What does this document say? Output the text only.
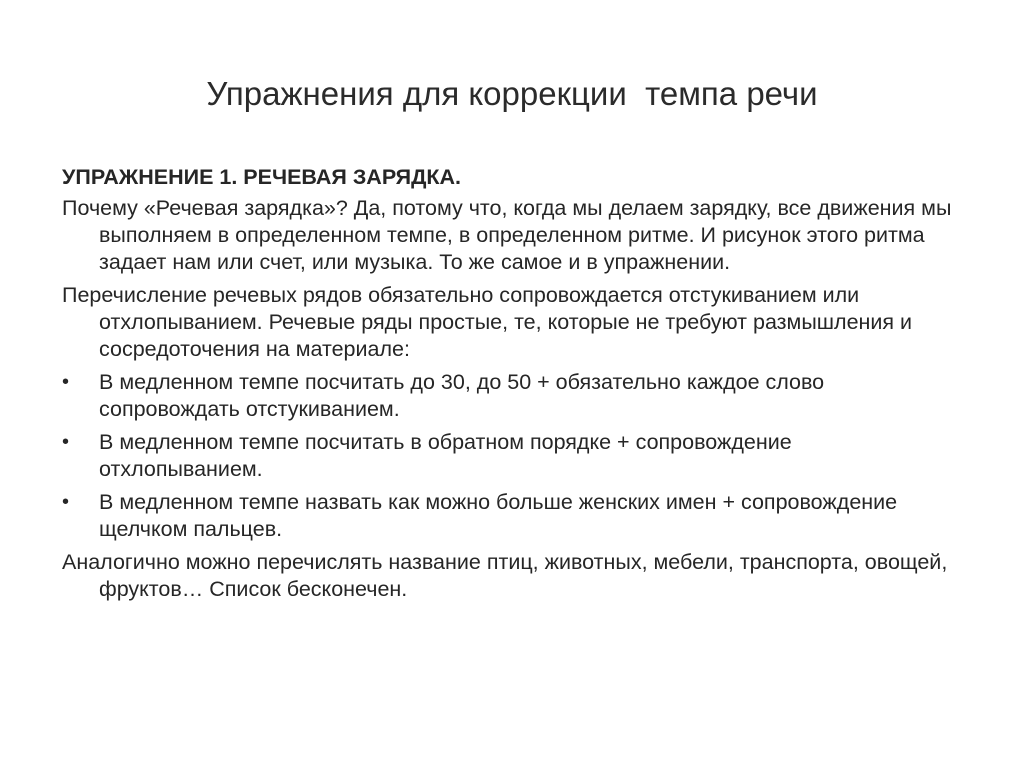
Упражнения для коррекции  темпа речи
УПРАЖНЕНИЕ 1. РЕЧЕВАЯ ЗАРЯДКА.
Почему «Речевая зарядка»? Да, потому что, когда мы делаем зарядку, все движения мы выполняем в определенном темпе, в определенном ритме. И рисунок этого ритма задает нам или счет, или музыка. То же самое и в упражнении.
Перечисление речевых рядов обязательно сопровождается отстукиванием или отхлопыванием. Речевые ряды простые, те, которые не требуют размышления и сосредоточения на материале:
•	В медленном темпе посчитать до 30, до 50 + обязательно каждое слово сопровождать отстукиванием.
•	В медленном темпе посчитать в обратном порядке + сопровождение  отхлопыванием.
•	В медленном темпе назвать как можно больше женских имен + сопровождение щелчком пальцев.
Аналогично можно перечислять название птиц, животных, мебели, транспорта, овощей, фруктов… Список бесконечен.
